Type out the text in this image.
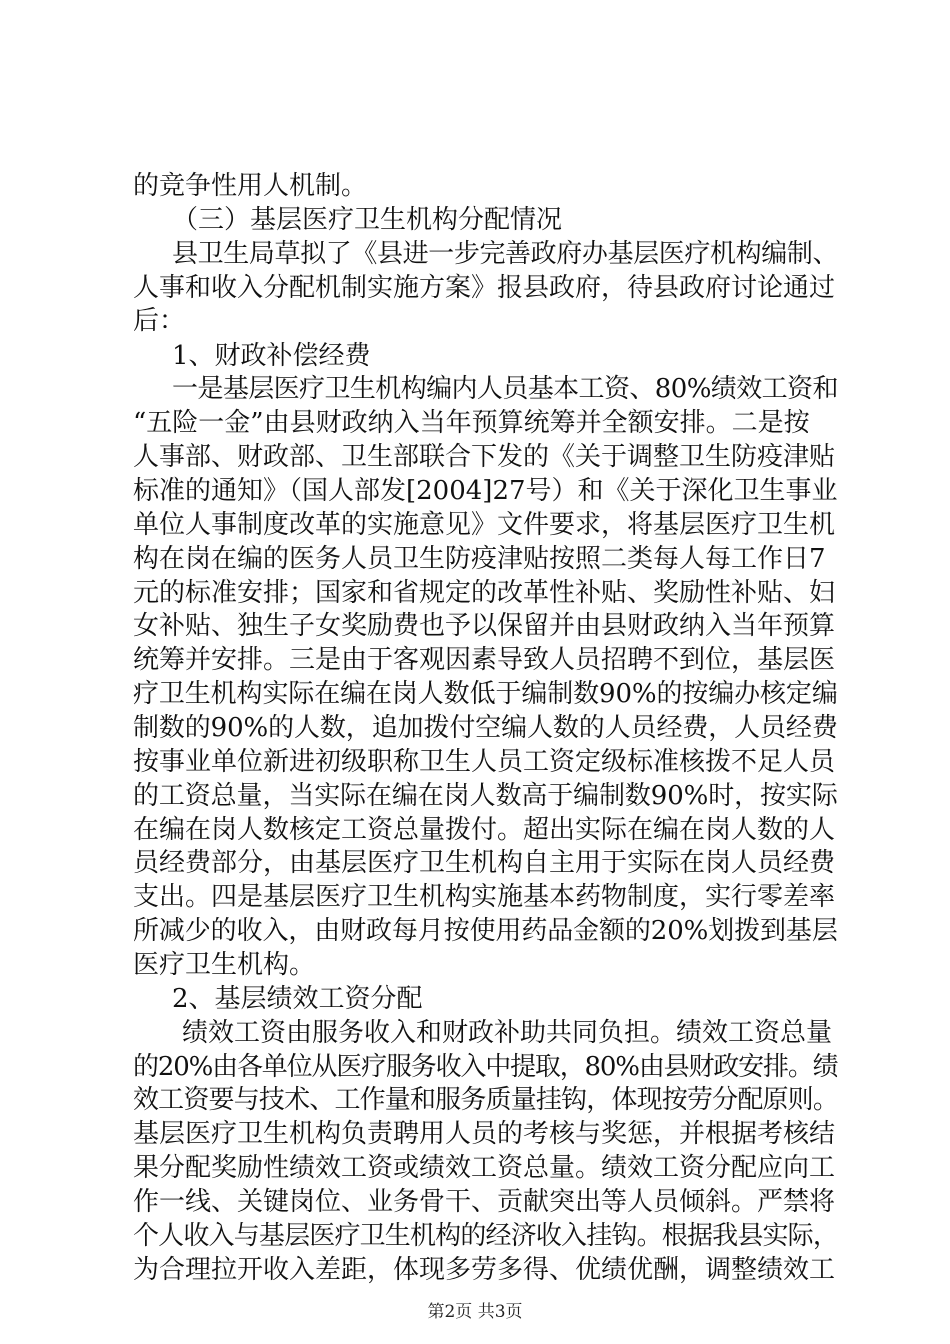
的竞争性用人机制。
（三）基层医疗卫生机构分配情况
县卫生局草拟了《县进一步完善政府办基层医疗机构编制、
人事和收入分配机制实施方案》报县政府，待县政府讨论通过
后：
1、财政补偿经费
一是基层医疗卫生机构编内人员基本工资、80%绩效工资和
“五险一金”由县财政纳入当年预算统筹并全额安排。二是按
人事部、财政部、卫生部联合下发的《关于调整卫生防疫津贴
标准的通知》（国人部发[2004]27号）和《关于深化卫生事业
单位人事制度改革的实施意见》文件要求，将基层医疗卫生机
构在岗在编的医务人员卫生防疫津贴按照二类每人每工作日7
元的标准安排；国家和省规定的改革性补贴、奖励性补贴、妇
女补贴、独生子女奖励费也予以保留并由县财政纳入当年预算
统筹并安排。三是由于客观因素导致人员招聘不到位，基层医
疗卫生机构实际在编在岗人数低于编制数90%的按编办核定编
制数的90%的人数，追加拨付空编人数的人员经费，人员经费
按事业单位新进初级职称卫生人员工资定级标准核拨不足人员
的工资总量，当实际在编在岗人数高于编制数90%时，按实际
在编在岗人数核定工资总量拨付。超出实际在编在岗人数的人
员经费部分，由基层医疗卫生机构自主用于实际在岗人员经费
支出。四是基层医疗卫生机构实施基本药物制度，实行零差率
所减少的收入，由财政每月按使用药品金额的20%划拨到基层
医疗卫生机构。
2、基层绩效工资分配
绩效工资由服务收入和财政补助共同负担。绩效工资总量
的20%由各单位从医疗服务收入中提取，80%由县财政安排。绩
效工资要与技术、工作量和服务质量挂钩，体现按劳分配原则。
基层医疗卫生机构负责聘用人员的考核与奖惩，并根据考核结
果分配奖励性绩效工资或绩效工资总量。绩效工资分配应向工
作一线、关键岗位、业务骨干、贡献突出等人员倾斜。严禁将
个人收入与基层医疗卫生机构的经济收入挂钩。根据我县实际，
为合理拉开收入差距，体现多劳多得、优绩优酬，调整绩效工
第2页 共3页
